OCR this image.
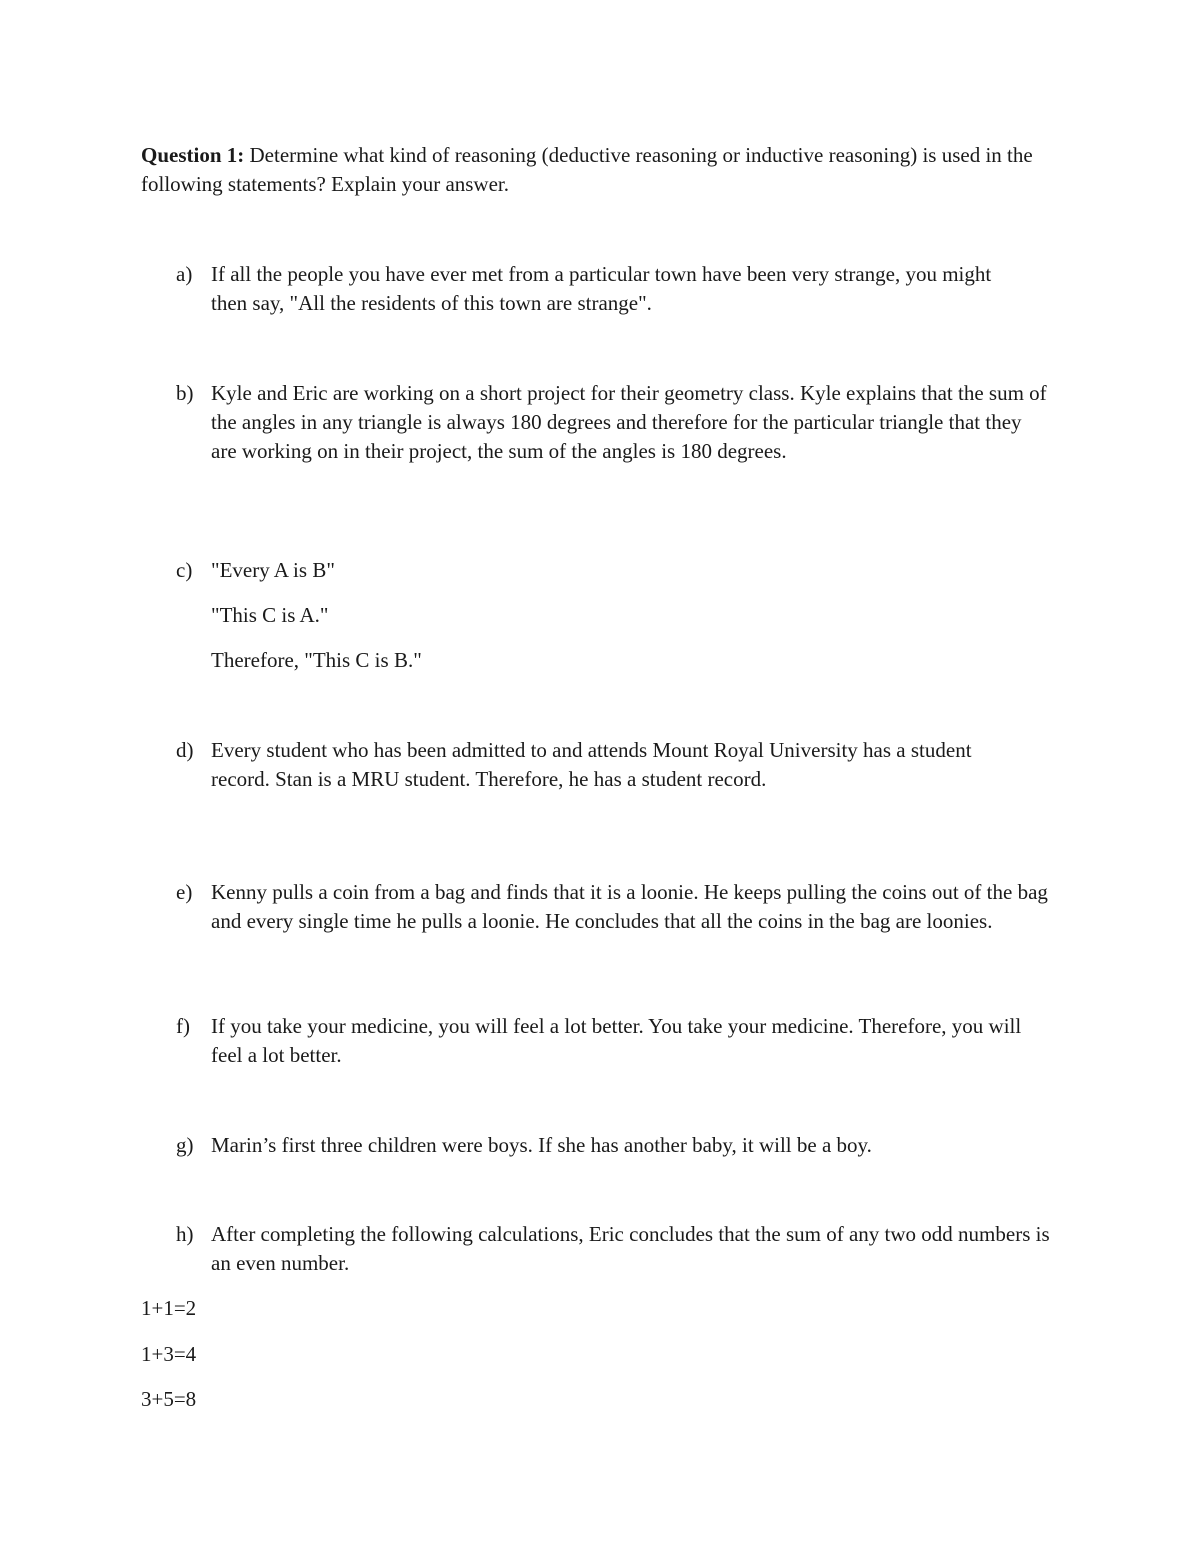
Question 1: Determine what kind of reasoning (deductive reasoning or inductive reasoning) is used in the following statements? Explain your answer.
a) If all the people you have ever met from a particular town have been very strange, you might then say, "All the residents of this town are strange".

b) Kyle and Eric are working on a short project for their geometry class. Kyle explains that the sum of the angles in any triangle is always 180 degrees and therefore for the particular triangle that they are working on in their project, the sum of the angles is 180 degrees.

c) "Every A is B"

"This C is A."

Therefore, "This C is B."

d) Every student who has been admitted to and attends Mount Royal University has a student record. Stan is a MRU student. Therefore, he has a student record.

e) Kenny pulls a coin from a bag and finds that it is a loonie. He keeps pulling the coins out of the bag and every single time he pulls a loonie. He concludes that all the coins in the bag are loonies.

f)	If you take your medicine, you will feel a lot better. You take your medicine. Therefore, you will feel a lot better.

g) Marin’s first three children were boys. If she has another baby, it will be a boy.

h) After completing the following calculations, Eric concludes that the sum of any two odd numbers is an even number.

1+1=2
1+3=4
3+5=8
